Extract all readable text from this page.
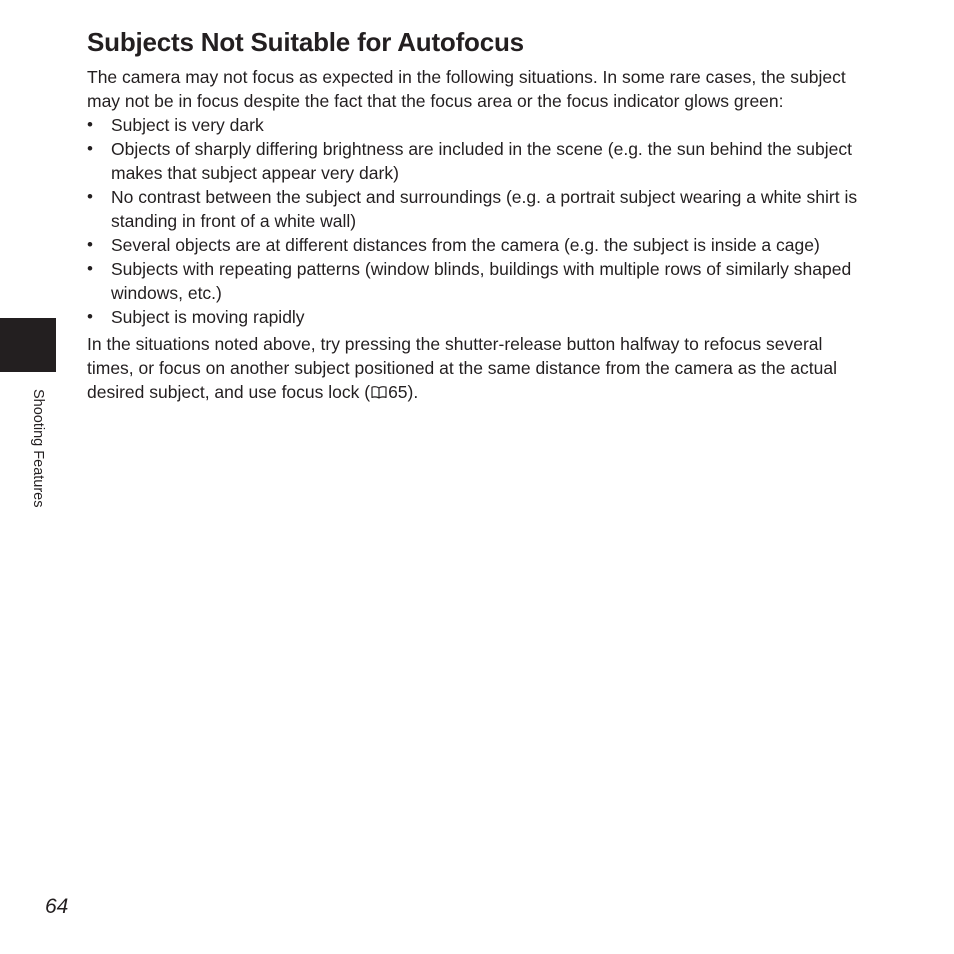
Subjects Not Suitable for Autofocus

The camera may not focus as expected in the following situations. In some rare cases, the subject may not be in focus despite the fact that the focus area or the focus indicator glows green:

• Subject is very dark
• Objects of sharply differing brightness are included in the scene (e.g. the sun behind the subject makes that subject appear very dark)
• No contrast between the subject and surroundings (e.g. a portrait subject wearing a white shirt is standing in front of a white wall)
• Several objects are at different distances from the camera (e.g. the subject is inside a cage)
• Subjects with repeating patterns (window blinds, buildings with multiple rows of similarly shaped windows, etc.)
• Subject is moving rapidly

In the situations noted above, try pressing the shutter-release button halfway to refocus several times, or focus on another subject positioned at the same distance from the camera as the actual desired subject, and use focus lock ( 65).

Shooting Features
64
